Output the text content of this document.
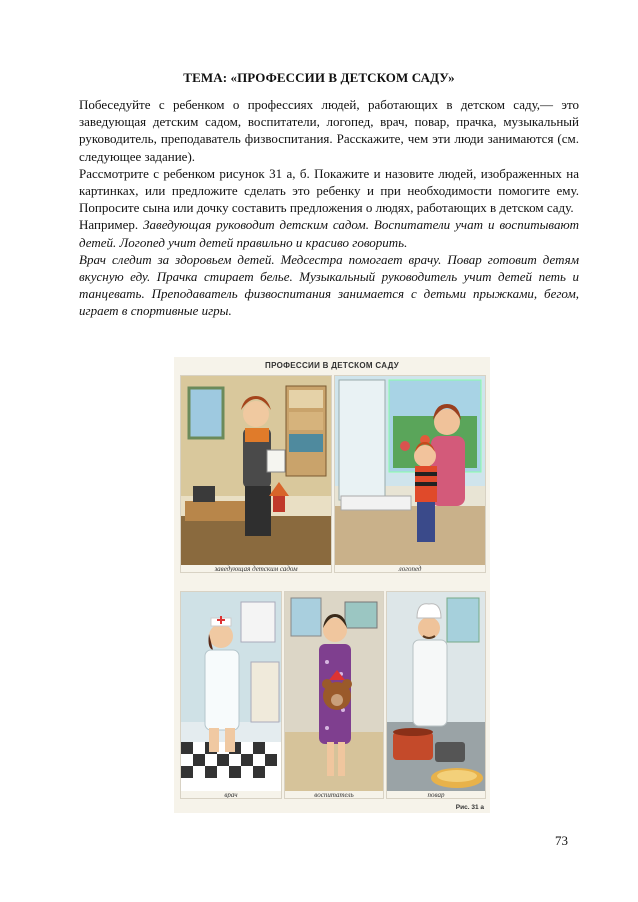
ТЕМА: «ПРОФЕССИИ В ДЕТСКОМ САДУ»

Побеседуйте с ребенком о профессиях людей, работающих в детском саду,— это заведующая детским садом, воспитатели, логопед, врач, повар, прачка, музыкальный руководитель, преподаватель физвоспитания. Расскажите, чем эти люди занимаются (см. следующее задание).

Рассмотрите с ребенком рисунок 31 а, б. Покажите и назовите людей, изображенных на картинках, или предложите сделать это ребенку и при необходимости помогите ему. Попросите сына или дочку составить предложения о людях, работающих в детском саду.

Например. Заведующая руководит детским садом. Воспитатели учат и воспитывают детей. Логопед учит детей правильно и красиво говорить.

Врач следит за здоровьем детей. Медсестра помогает врачу. Повар готовит детям вкусную еду. Прачка стирает белье. Музыкальный руководитель учит детей петь и танцевать. Преподаватель физвоспитания занимается с детьми прыжками, бегом, играет в спортивные игры.

ПРОФЕССИИ В ДЕТСКОМ САДУ
заведующая детским садом	логопед
врач	воспитатель	повар
Рис. 31 а
73
